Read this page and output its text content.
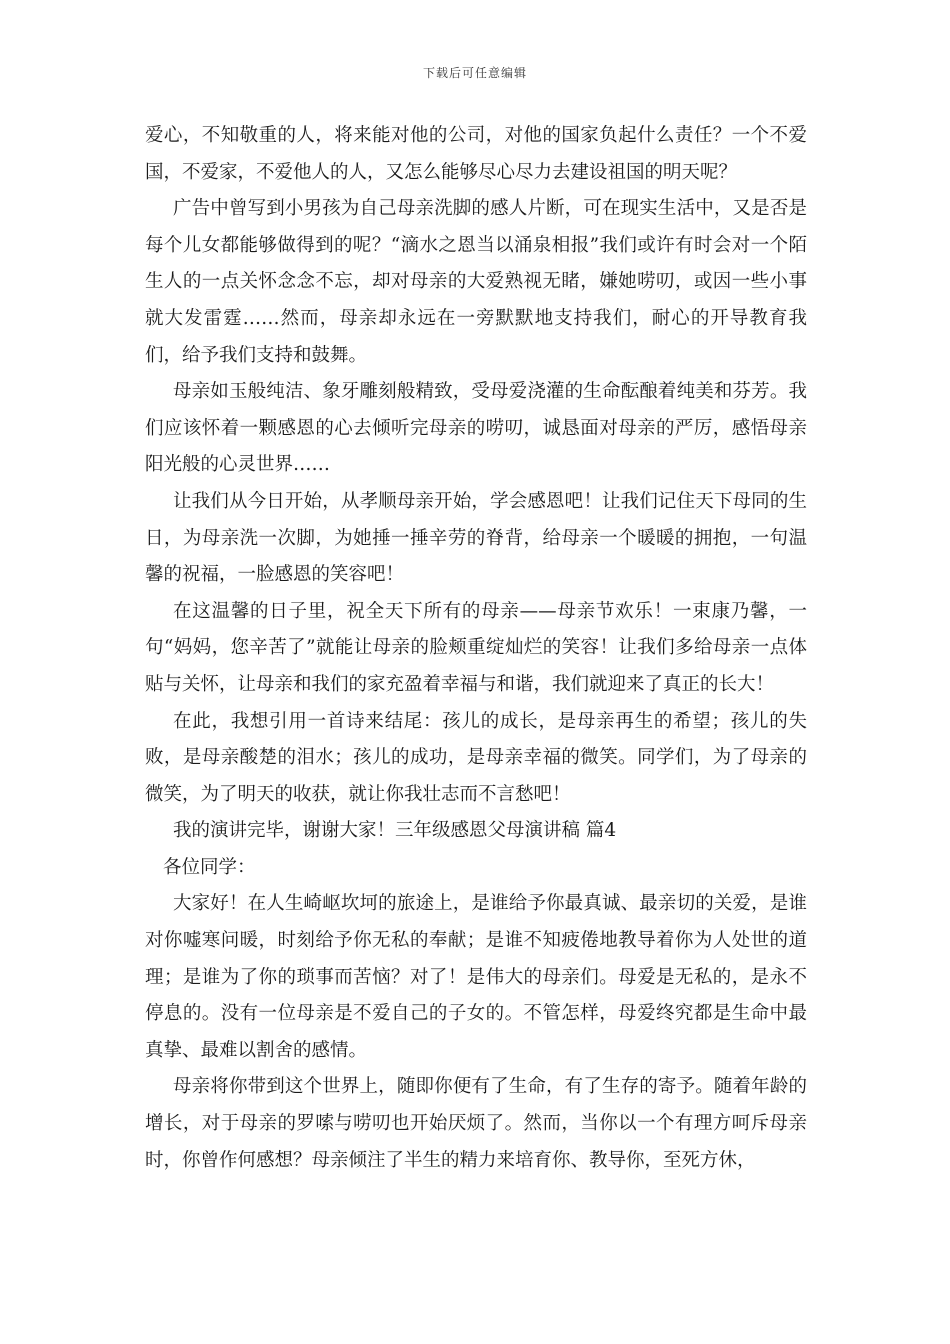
下载后可任意编辑

爱心，不知敬重的人，将来能对他的公司，对他的国家负起什么责任？一个不爱国，不爱家，不爱他人的人，又怎么能够尽心尽力去建设祖国的明天呢？

广告中曾写到小男孩为自己母亲洗脚的感人片断，可在现实生活中，又是否是每个儿女都能够做得到的呢？“滴水之恩当以涌泉相报”我们或许有时会对一个陌生人的一点关怀念念不忘，却对母亲的大爱熟视无睹，嫌她唠叨，或因一些小事就大发雷霆……然而，母亲却永远在一旁默默地支持我们，耐心的开导教育我们，给予我们支持和鼓舞。

母亲如玉般纯洁、象牙雕刻般精致，受母爱浇灌的生命酝酿着纯美和芬芳。我们应该怀着一颗感恩的心去倾听完母亲的唠叨，诚恳面对母亲的严厉，感悟母亲阳光般的心灵世界……

让我们从今日开始，从孝顺母亲开始，学会感恩吧！让我们记住天下母同的生日，为母亲洗一次脚，为她捶一捶辛劳的脊背，给母亲一个暖暖的拥抱，一句温馨的祝福，一脸感恩的笑容吧！

在这温馨的日子里，祝全天下所有的母亲——母亲节欢乐！一束康乃馨，一句“妈妈，您辛苦了”就能让母亲的脸颊重绽灿烂的笑容！让我们多给母亲一点体贴与关怀，让母亲和我们的家充盈着幸福与和谐，我们就迎来了真正的长大！

在此，我想引用一首诗来结尾：孩儿的成长，是母亲再生的希望；孩儿的失败，是母亲酸楚的泪水；孩儿的成功，是母亲幸福的微笑。同学们，为了母亲的微笑，为了明天的收获，就让你我壮志而不言愁吧！

我的演讲完毕，谢谢大家！三年级感恩父母演讲稿 篇4

各位同学：

大家好！在人生崎岖坎坷的旅途上，是谁给予你最真诚、最亲切的关爱，是谁对你嘘寒问暖，时刻给予你无私的奉献；是谁不知疲倦地教导着你为人处世的道理；是谁为了你的琐事而苦恼？对了！是伟大的母亲们。母爱是无私的，是永不停息的。没有一位母亲是不爱自己的子女的。不管怎样，母爱终究都是生命中最真挚、最难以割舍的感情。

母亲将你带到这个世界上，随即你便有了生命，有了生存的寄予。随着年龄的增长，对于母亲的罗嗦与唠叨也开始厌烦了。然而，当你以一个有理方呵斥母亲时，你曾作何感想？母亲倾注了半生的精力来培育你、教导你，至死方休，
